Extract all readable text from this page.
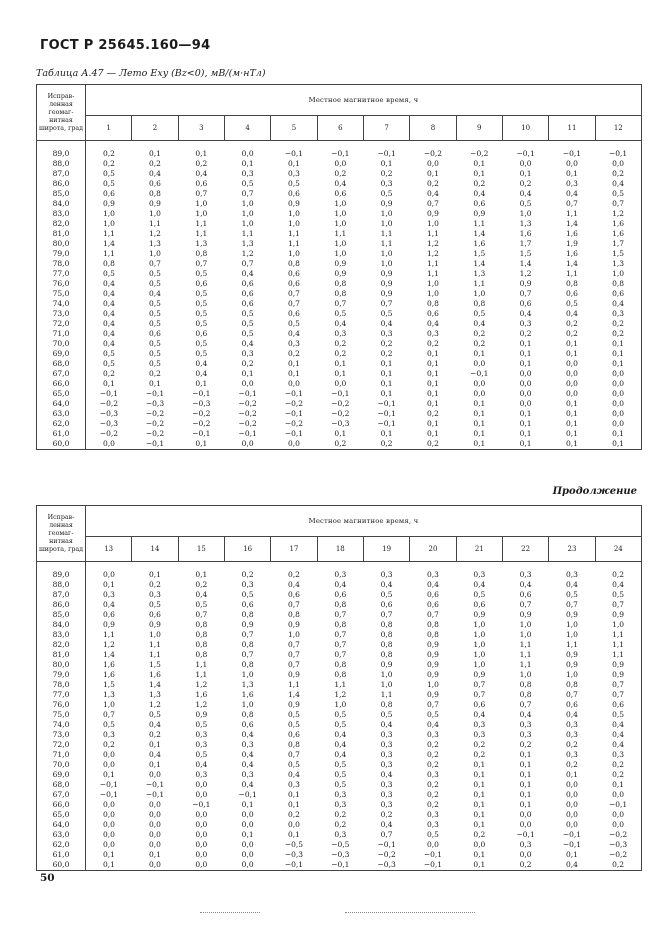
ГОСТ Р 25645.160—94
Таблица А.47 — Лето Exy (Bz<0), мВ/(м·нТл)
Исправ-ленная геомаг-нитная широта, град	Местное магнитное время, ч											
	1	2	3	4	5	6	7	8	9	10	11	12
89,0	0,2	0,1	0,1	0,0	−0,1	−0,1	−0,1	−0,2	−0,2	−0,1	−0,1	−0,1
88,0	0,2	0,2	0,2	0,1	0,1	0,0	0,1	0,0	0,1	0,0	0,0	0,0
87,0	0,5	0,4	0,4	0,3	0,3	0,2	0,2	0,1	0,1	0,1	0,1	0,2
86,0	0,5	0,6	0,6	0,5	0,5	0,4	0,3	0,2	0,2	0,2	0,3	0,4
85,0	0,6	0,8	0,7	0,7	0,6	0,6	0,5	0,4	0,4	0,4	0,4	0,5
84,0	0,9	0,9	1,0	1,0	0,9	1,0	0,9	0,7	0,6	0,5	0,7	0,7
83,0	1,0	1,0	1,0	1,0	1,0	1,0	1,0	0,9	0,9	1,0	1,1	1,2
82,0	1,0	1,1	1,1	1,0	1,0	1,0	1,0	1,0	1,1	1,3	1,4	1,6
81,0	1,1	1,2	1,1	1,1	1,1	1,1	1,1	1,1	1,4	1,6	1,6	1,6
80,0	1,4	1,3	1,3	1,3	1,1	1,0	1,1	1,2	1,6	1,7	1,9	1,7
79,0	1,1	1,0	0,8	1,2	1,0	1,0	1,0	1,2	1,5	1,5	1,6	1,5
78,0	0,8	0,7	0,7	0,7	0,8	0,9	1,0	1,1	1,4	1,4	1,4	1,3
77,0	0,5	0,5	0,5	0,4	0,6	0,9	0,9	1,1	1,3	1,2	1,1	1,0
76,0	0,4	0,5	0,6	0,6	0,6	0,8	0,9	1,0	1,1	0,9	0,8	0,8
75,0	0,4	0,4	0,5	0,6	0,7	0,8	0,9	1,0	1,0	0,7	0,6	0,6
74,0	0,4	0,5	0,5	0,6	0,7	0,7	0,7	0,8	0,8	0,6	0,5	0,4
73,0	0,4	0,5	0,5	0,5	0,6	0,5	0,5	0,6	0,5	0,4	0,4	0,3
72,0	0,4	0,5	0,5	0,5	0,5	0,4	0,4	0,4	0,4	0,3	0,2	0,2
71,0	0,4	0,6	0,6	0,5	0,4	0,3	0,3	0,3	0,2	0,2	0,2	0,2
70,0	0,4	0,5	0,5	0,4	0,3	0,2	0,2	0,2	0,2	0,1	0,1	0,1
69,0	0,5	0,5	0,5	0,3	0,2	0,2	0,2	0,1	0,1	0,1	0,1	0,1
68,0	0,5	0,5	0,4	0,2	0,1	0,1	0,1	0,1	0,0	0,1	0,0	0,1
67,0	0,2	0,2	0,4	0,1	0,1	0,1	0,1	0,1	−0,1	0,0	0,0	0,0
66,0	0,1	0,1	0,1	0,0	0,0	0,0	0,1	0,1	0,0	0,0	0,0	0,0
65,0	−0,1	−0,1	−0,1	−0,1	−0,1	−0,1	0,1	0,1	0,0	0,0	0,0	0,0
64,0	−0,2	−0,3	−0,3	−0,2	−0,2	−0,2	−0,1	0,1	0,1	0,0	0,1	0,0
63,0	−0,3	−0,2	−0,2	−0,2	−0,1	−0,2	−0,1	0,2	0,1	0,1	0,1	0,0
62,0	−0,3	−0,2	−0,2	−0,2	−0,2	−0,3	−0,1	0,1	0,1	0,1	0,1	0,0
61,0	−0,2	−0,2	−0,1	−0,1	−0,1	0,1	0,1	0,1	0,1	0,1	0,1	0,1
60,0	0,0	−0,1	0,1	0,0	0,0	0,2	0,2	0,2	0,1	0,1	0,1	0,1
Продолжение
Исправ-ленная геомаг-нитная широта, град	Местное магнитное время, ч											
	13	14	15	16	17	18	19	20	21	22	23	24
89,0	0,0	0,1	0,1	0,2	0,2	0,3	0,3	0,3	0,3	0,3	0,3	0,2
88,0	0,1	0,2	0,2	0,3	0,4	0,4	0,4	0,4	0,4	0,4	0,4	0,4
87,0	0,3	0,3	0,4	0,5	0,6	0,6	0,5	0,6	0,5	0,6	0,5	0,5
86,0	0,4	0,5	0,5	0,6	0,7	0,8	0,6	0,6	0,6	0,7	0,7	0,7
85,0	0,6	0,6	0,7	0,8	0,8	0,7	0,7	0,7	0,9	0,9	0,9	0,9
84,0	0,9	0,9	0,8	0,9	0,9	0,8	0,8	0,8	1,0	1,0	1,0	1,0
83,0	1,1	1,0	0,8	0,7	1,0	0,7	0,8	0,8	1,0	1,0	1,0	1,1
82,0	1,2	1,1	0,8	0,8	0,7	0,7	0,8	0,9	1,0	1,1	1,1	1,1
81,0	1,4	1,1	0,8	0,7	0,7	0,7	0,8	0,9	1,0	1,1	0,9	1,1
80,0	1,6	1,5	1,1	0,8	0,7	0,8	0,9	0,9	1,0	1,1	0,9	0,9
79,0	1,6	1,6	1,1	1,0	0,9	0,8	1,0	0,9	0,9	1,0	1,0	0,9
78,0	1,5	1,4	1,2	1,3	1,1	1,1	1,0	1,0	0,7	0,8	0,8	0,7
77,0	1,3	1,3	1,6	1,6	1,4	1,2	1,1	0,9	0,7	0,8	0,7	0,7
76,0	1,0	1,2	1,2	1,0	0,9	1,0	0,8	0,7	0,6	0,7	0,6	0,6
75,0	0,7	0,5	0,9	0,8	0,5	0,5	0,5	0,5	0,4	0,4	0,4	0,5
74,0	0,5	0,4	0,5	0,6	0,5	0,5	0,4	0,4	0,3	0,3	0,3	0,4
73,0	0,3	0,2	0,3	0,4	0,6	0,4	0,3	0,3	0,3	0,3	0,3	0,4
72,0	0,2	0,1	0,3	0,3	0,8	0,4	0,3	0,2	0,2	0,2	0,2	0,4
71,0	0,0	0,4	0,5	0,4	0,7	0,4	0,3	0,2	0,2	0,1	0,3	0,3
70,0	0,0	0,1	0,4	0,4	0,5	0,5	0,3	0,2	0,1	0,1	0,2	0,2
69,0	0,1	0,0	0,3	0,3	0,4	0,5	0,4	0,3	0,1	0,1	0,1	0,2
68,0	−0,1	−0,1	0,0	0,4	0,3	0,5	0,3	0,2	0,1	0,1	0,0	0,1
67,0	−0,1	−0,1	0,0	−0,1	0,1	0,3	0,3	0,2	0,1	0,1	0,0	0,0
66,0	0,0	0,0	−0,1	0,1	0,1	0,3	0,3	0,2	0,1	0,1	0,0	−0,1
65,0	0,0	0,0	0,0	0,0	0,2	0,2	0,2	0,3	0,1	0,0	0,0	0,0
64,0	0,0	0,0	0,0	0,0	0,0	0,2	0,4	0,3	0,1	0,0	0,0	0,0
63,0	0,0	0,0	0,0	0,1	0,1	0,3	0,7	0,5	0,2	−0,1	−0,1	−0,2
62,0	0,0	0,0	0,0	0,0	−0,5	−0,5	−0,1	0,0	0,0	0,3	−0,1	−0,3
61,0	0,1	0,1	0,0	0,0	−0,3	−0,3	−0,2	−0,1	0,1	0,0	0,1	−0,2
60,0	0,1	0,0	0,0	0,0	−0,1	−0,1	−0,3	−0,1	0,1	0,2	0,4	0,2
50
